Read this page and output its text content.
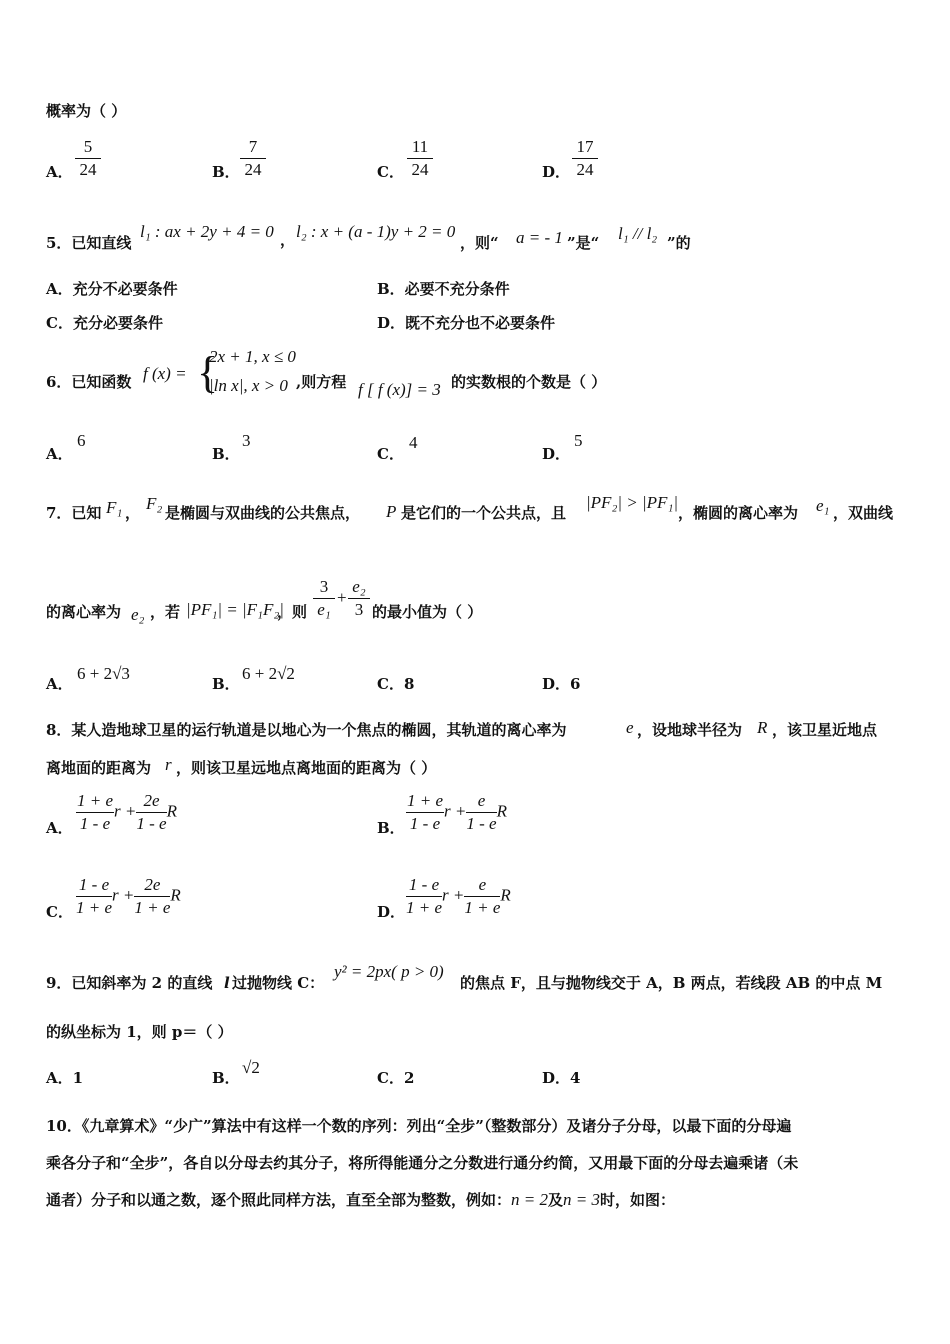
概率为（ ）
A． $\frac{5}{24}$	B． $\frac{7}{24}$	C． $\frac{11}{24}$	D． $\frac{17}{24}$
5．已知直线
l₁ : ax + 2y + 4 = 0 ， l₂ : x + (a - 1)y + 2 = 0
，则“ a = - 1 ”是“ l₁ // l₂ ”的
A．充分不必要条件	B．必要不充分条件
C．充分必要条件	D．既不充分也不必要条件
6．已知函数 f (x) = {
2x + 1, x ≤ 0
|ln x|, x > 0 ,则方程 f [ f (x)] = 3 的实数根的个数是（ ）
A．
6
B．
3
C．
4
D．
5
7．已知 F₁ ， F₂ 是椭圆与双曲线的公共焦点， P 是它们的一个公共点，且
|PF₂| > |PF₁|
，椭圆的离心率为 e₁ ，双曲线
的离心率为 e₂ ，若 |PF₁| = |F₁F₂|
，则 $\frac{3}{\text{e₁}} + \frac{\text{e₂}}{3}$ 的最小值为（ ）
A．
6 + 2√3
B．
6 + 2√2
C．8	D．6
8．某人造地球卫星的运行轨道是以地心为一个焦点的椭圆，其轨道的离心率为	e ，设地球半径为 R ，该卫星近地点
离地面的距离为 r ，则该卫星远地点离地面的距离为（ ）
A． $\frac{1 + e}{1 - e}$ $r + \frac{2e}{1 - e}$ R
B． $\frac{1 + e}{1 - e}$ $r + \frac{e}{1 - e}$ R
C． $\frac{1 - e}{1 + e}$ $r + \frac{2e}{1 + e}$ R
D． $\frac{1 - e}{1 + e}$ $r + \frac{e}{1 + e}$ R
9．已知斜率为 2 的直线 l 过抛物线 C：
y² = 2px( p > 0)
的焦点 F，且与抛物线交于 A，B 两点，若线段 AB 的中点 M
的纵坐标为 1，则 p＝（ ）
A．1	B．
√2
C．2	D．4
10．《九章算术》“少广”算法中有这样一个数的序列：列出“全步”（整数部分）及诸分子分母，以最下面的分母遍
乘各分子和“全步”，各自以分母去约其分子，将所得能通分之分数进行通分约简，又用最下面的分母去遍乘诸（未
通者）分子和以通之数，逐个照此同样方法，直至全部为整数，例如：n = 2及n = 3时，如图：
